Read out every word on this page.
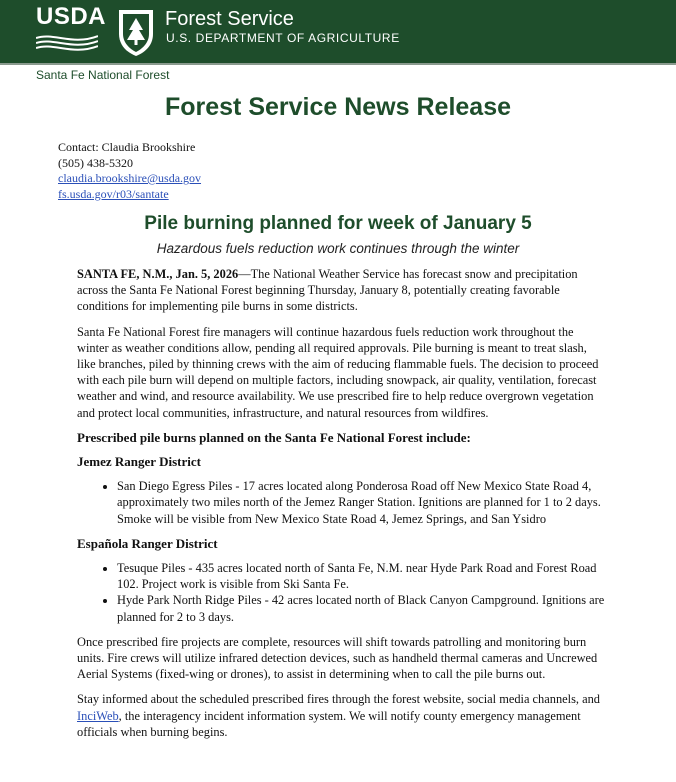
USDA	Forest Service
U.S. DEPARTMENT OF AGRICULTURE
Santa Fe National Forest
Forest Service News Release
Contact: Claudia Brookshire
(505) 438-5320
claudia.brookshire@usda.gov
fs.usda.gov/r03/santate
Pile burning planned for week of January 5
Hazardous fuels reduction work continues through the winter

SANTA FE, N.M., Jan. 5, 2026—The National Weather Service has forecast snow and precipitation across the Santa Fe National Forest beginning Thursday, January 8, potentially creating favorable conditions for implementing pile burns in some districts.

Santa Fe National Forest fire managers will continue hazardous fuels reduction work throughout the winter as weather conditions allow, pending all required approvals. Pile burning is meant to treat slash, like branches, piled by thinning crews with the aim of reducing flammable fuels. The decision to proceed with each pile burn will depend on multiple factors, including snowpack, air quality, ventilation, forecast weather and wind, and resource availability. We use prescribed fire to help reduce overgrown vegetation and protect local communities, infrastructure, and natural resources from wildfires.

Prescribed pile burns planned on the Santa Fe National Forest include:
Jemez Ranger District
• San Diego Egress Piles - 17 acres located along Ponderosa Road off New Mexico State Road 4, approximately two miles north of the Jemez Ranger Station. Ignitions are planned for 1 to 2 days. Smoke will be visible from New Mexico State Road 4, Jemez Springs, and San Ysidro
Española Ranger District
• Tesuque Piles - 435 acres located north of Santa Fe, N.M. near Hyde Park Road and Forest Road 102. Project work is visible from Ski Santa Fe.
• Hyde Park North Ridge Piles - 42 acres located north of Black Canyon Campground. Ignitions are planned for 2 to 3 days.

Once prescribed fire projects are complete, resources will shift towards patrolling and monitoring burn units. Fire crews will utilize infrared detection devices, such as handheld thermal cameras and Uncrewed Aerial Systems (fixed-wing or drones), to assist in determining when to call the pile burns out.

Stay informed about the scheduled prescribed fires through the forest website, social media channels, and InciWeb, the interagency incident information system. We will notify county emergency management officials when burning begins.
